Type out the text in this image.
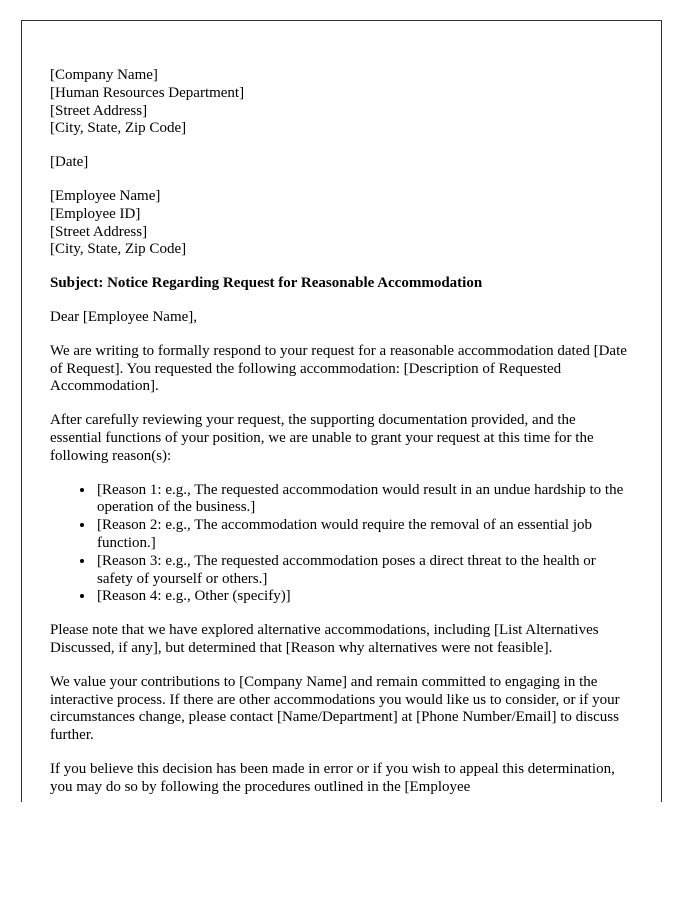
[Company Name]
[Human Resources Department]
[Street Address]
[City, State, Zip Code]

[Date]

[Employee Name]
[Employee ID]
[Street Address]
[City, State, Zip Code]

Subject: Notice Regarding Request for Reasonable Accommodation

Dear [Employee Name],

We are writing to formally respond to your request for a reasonable accommodation dated [Date of Request]. You requested the following accommodation: [Description of Requested Accommodation].

After carefully reviewing your request, the supporting documentation provided, and the essential functions of your position, we are unable to grant your request at this time for the following reason(s):

• [Reason 1: e.g., The requested accommodation would result in an undue hardship to the operation of the business.]
• [Reason 2: e.g., The accommodation would require the removal of an essential job function.]
• [Reason 3: e.g., The requested accommodation poses a direct threat to the health or safety of yourself or others.]
• [Reason 4: e.g., Other (specify)]

Please note that we have explored alternative accommodations, including [List Alternatives Discussed, if any], but determined that [Reason why alternatives were not feasible].

We value your contributions to [Company Name] and remain committed to engaging in the interactive process. If there are other accommodations you would like us to consider, or if your circumstances change, please contact [Name/Department] at [Phone Number/Email] to discuss further.

If you believe this decision has been made in error or if you wish to appeal this determination, you may do so by following the procedures outlined in the [Employee
